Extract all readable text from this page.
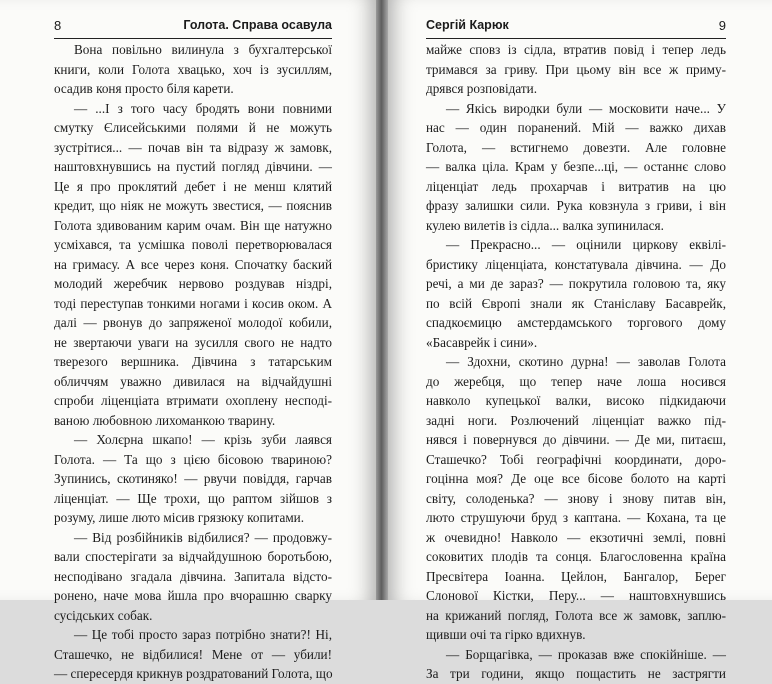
8	Голота. Справа осавула
Вона повільно вилинула з бухгалтерської
книги, коли Голота хвацько, хоч із зусиллям,
осадив коня просто біля карети.
— ...І з того часу бродять вони повними
смутку Єлисейськими полями й не можуть
зустрітися... — почав він та відразу ж замовк,
наштовхнувшись на пустий погляд дівчини. —
Це я про проклятий дебет і не менш клятий
кредит, що ніяк не можуть звестися, — пояснив
Голота здивованим карим очам. Він ще натужно
усміхався, та усмішка поволі перетворювалася
на гримасу. А все через коня. Спочатку баский
молодий жеребчик нервово роздував ніздрі,
тоді переступав тонкими ногами і косив оком. А
далі — рвонув до запряженої молодої кобили,
не звертаючи уваги на зусилля свого не надто
тверезого вершника. Дівчина з татарським
обличчям уважно дивилася на відчайдушні
спроби ліценціата втримати охоплену несподі-
ваною любовною лихоманкою тварину.
— Холєрна шкапо! — крізь зуби лаявся
Голота. — Та що з цією бісовою твариною?
Зупинись, скотиняко! — рвучи повіддя, гарчав
ліценціат. — Ще трохи, що раптом зійшов з
розуму, лише люто місив грязюку копитами.
— Від розбійників відбилися? — продовжу-
вали спостерігати за відчайдушною боротьбою,
несподівано згадала дівчина. Запитала відсто-
ронено, наче мова йшла про вчорашню сварку
сусідських собак.
— Це тобі просто зараз потрібно знати?! Ні,
Сташечко, не відбилися! Мене от — убили!
— спересердя крикнув роздратований Голота, що
Сергій Карюк	9
майже сповз із сідла, втратив повід і тепер ледь
тримався за гриву. При цьому він все ж приму-
дрявся розповідати.
— Якісь виродки були — московити наче... У
нас — один поранений. Мій — важко дихав
Голота, — встигнемо довезти. Алe головне
— валка ціла. Крам у безпе...ці, — останнє слово
ліценціат ледь прохарчав і витратив на цю
фразу залишки сили. Рука ковзнула з гриви, і він
кулею вилетів із сідла... валка зупинилася.
— Прекрасно... — оцінили циркову еквілі-
бристику ліценціата, констатувала дівчина. — До
речі, а ми де зараз? — покрутила головою та, яку
по всій Європі знали як Станіславу Басаврейк,
спадкоємицю амстердамського торгового дому
«Басаврейк і сини».
— Здохни, скотино дурна! — заволав Голота
до жеребця, що тепер наче лоша носився
навколо купецької валки, високо підкидаючи
задні ноги. Розлючений ліценціат важко під-
нявся і повернувся до дівчини. — Де ми, питаєш,
Сташечко? Тобі географічні координати, доро-
гоцінна моя? Де оце все бісове болото на карті
світу, солоденька? — знову і знову питав він,
лютo струшуючи бруд з каптана. — Кохана, та це
ж очевидно! Навколо — екзотичні землі, повні
соковитих плодів та сонця. Благословенна країна
Пресвітера Іоанна. Цейлон, Бангалор, Берег
Слонової Кістки, Перу... — наштовхнувшись
на крижаний погляд, Голота все ж замовк, заплю-
щивши очі та гірко вдихнув.
— Борщагівка, — проказав вже спокійніше. —
За три години, якщо пощастить не застрягти
